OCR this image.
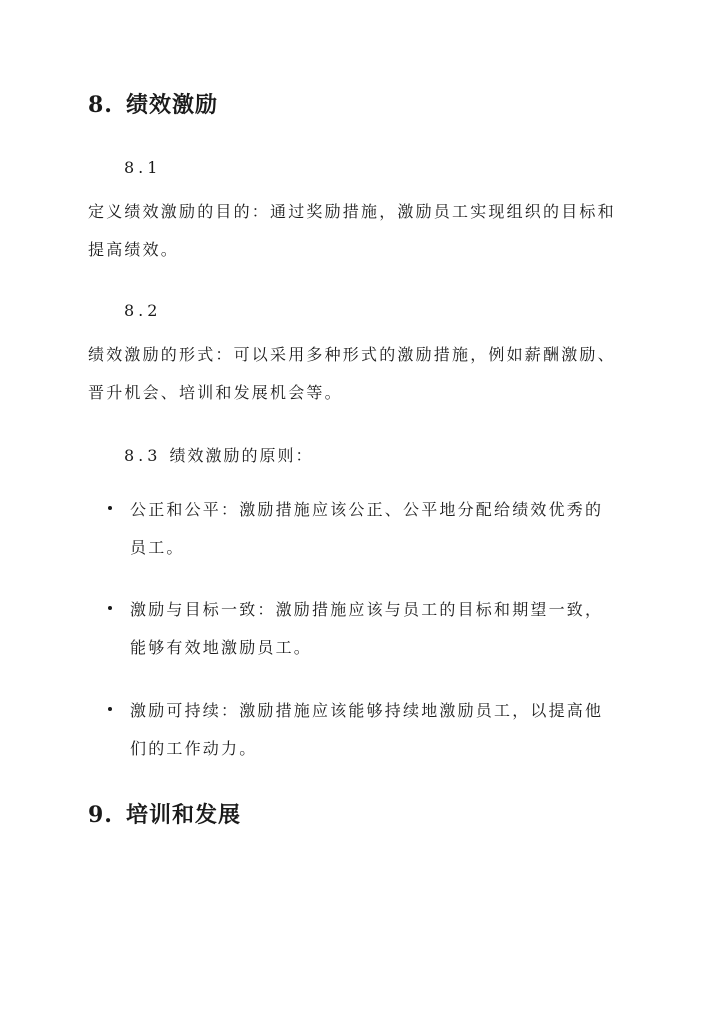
8. 绩效激励
8.1
定义绩效激励的目的：通过奖励措施，激励员工实现组织的目标和
提高绩效。
8.2
绩效激励的形式：可以采用多种形式的激励措施，例如薪酬激励、
晋升机会、培训和发展机会等。
8.3 绩效激励的原则：
公正和公平：激励措施应该公正、公平地分配给绩效优秀的
员工。
激励与目标一致：激励措施应该与员工的目标和期望一致，
能够有效地激励员工。
激励可持续：激励措施应该能够持续地激励员工，以提高他
们的工作动力。
9. 培训和发展
